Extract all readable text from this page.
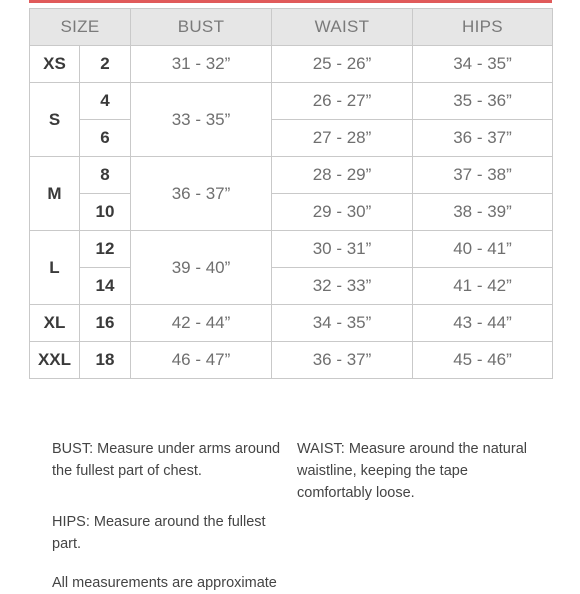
SIZE		BUST	WAIST	HIPS
XS	2	31 - 32”	25 - 26”	34 - 35”
S	4	33 - 35”	26 - 27”	35 - 36”
	6		27 - 28”	36 - 37”
M	8	36 - 37”	28 - 29”	37 - 38”
	10		29 - 30”	38 - 39”
L	12	39 - 40”	30 - 31”	40 - 41”
	14		32 - 33”	41 - 42”
XL	16	42 - 44”	34 - 35”	43 - 44”
XXL	18	46 - 47”	36 - 37”	45 - 46”
BUST: Measure under arms around the fullest part of chest.
WAIST: Measure around the natural waistline, keeping the tape comfortably loose.
HIPS: Measure around the fullest part.
All measurements are approximate
